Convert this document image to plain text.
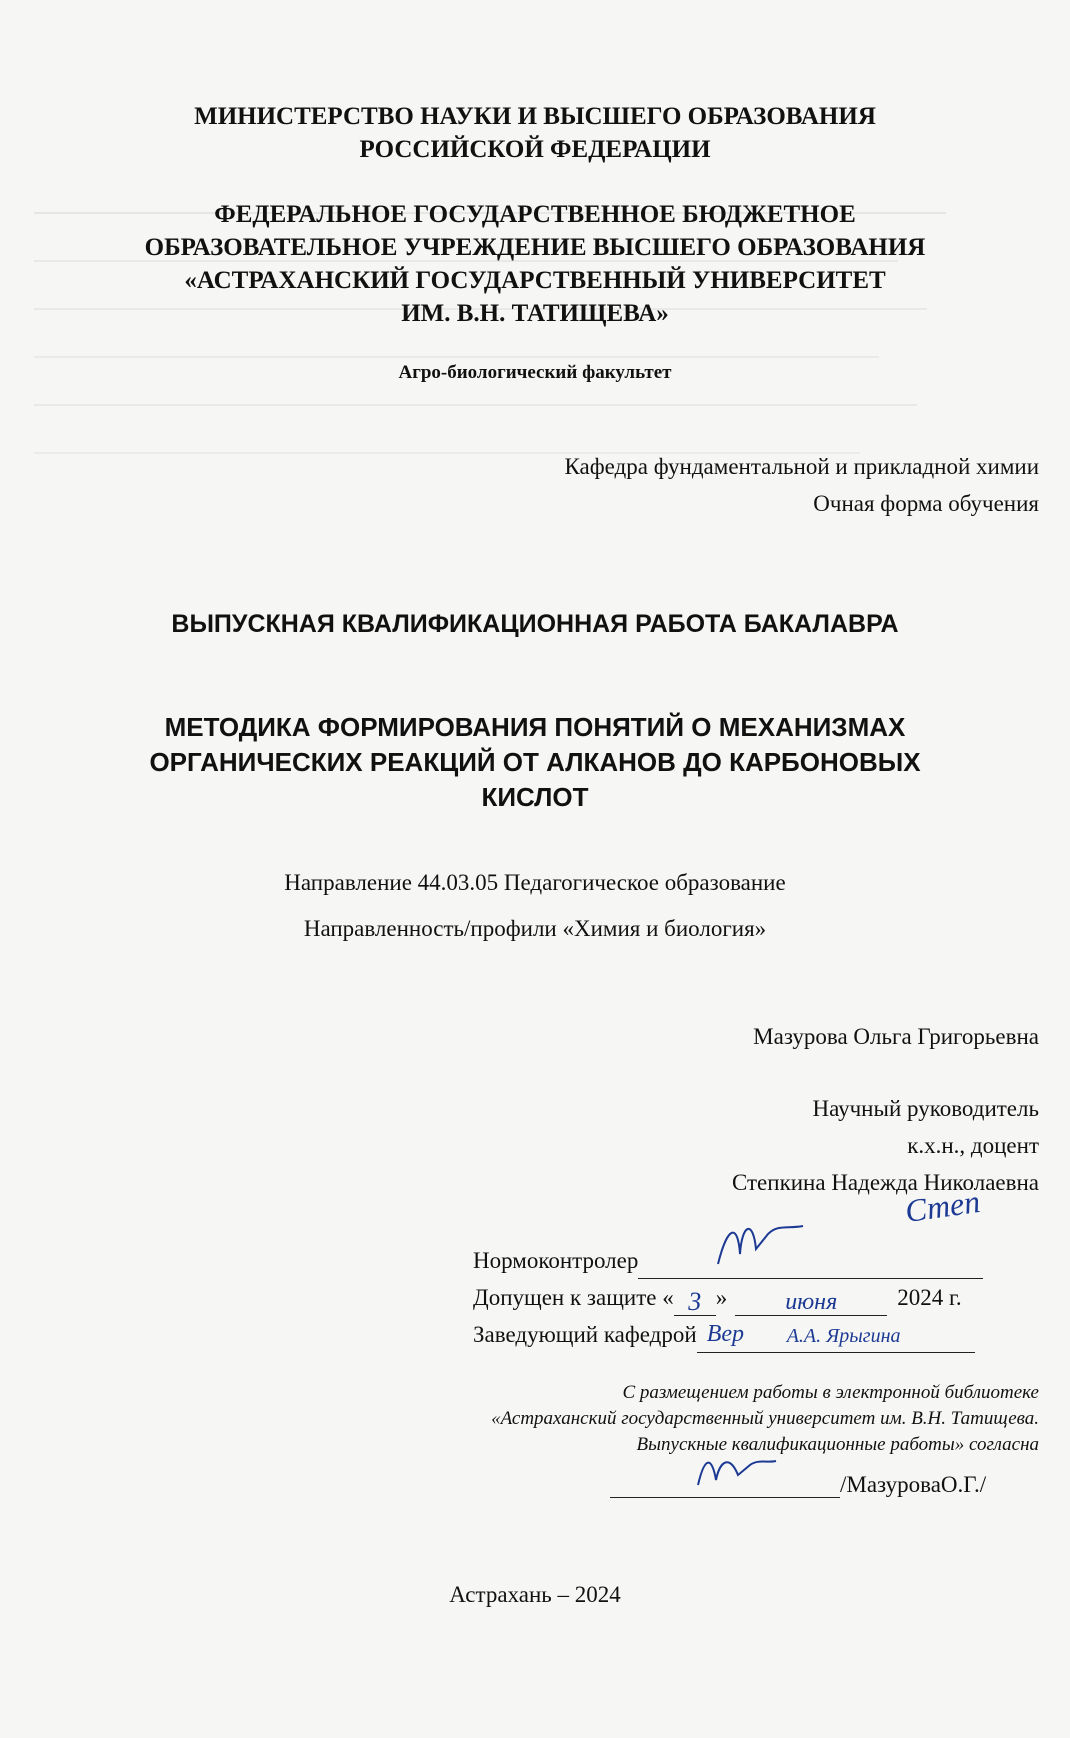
МИНИСТЕРСТВО НАУКИ И ВЫСШЕГО ОБРАЗОВАНИЯ
РОССИЙСКОЙ ФЕДЕРАЦИИ
ФЕДЕРАЛЬНОЕ ГОСУДАРСТВЕННОЕ БЮДЖЕТНОЕ
ОБРАЗОВАТЕЛЬНОЕ УЧРЕЖДЕНИЕ ВЫСШЕГО ОБРАЗОВАНИЯ
«АСТРАХАНСКИЙ ГОСУДАРСТВЕННЫЙ УНИВЕРСИТЕТ
ИМ. В.Н. ТАТИЩЕВА»
Агро-биологический факультет
Кафедра фундаментальной и прикладной химии
Очная форма обучения
ВЫПУСКНАЯ КВАЛИФИКАЦИОННАЯ РАБОТА БАКАЛАВРА
МЕТОДИКА ФОРМИРОВАНИЯ ПОНЯТИЙ О МЕХАНИЗМАХ
ОРГАНИЧЕСКИХ РЕАКЦИЙ ОТ АЛКАНОВ ДО КАРБОНОВЫХ
КИСЛОТ
Направление 44.03.05 Педагогическое образование
Направленность/профили «Химия и биология»
Мазурова Ольга Григорьевна
Научный руководитель
к.х.н., доцент
Степкина Надежда Николаевна
Степ
Нормоконтролер
Допущен к защите « 3 »	июня	2024 г.
Заведующий кафедрой Вер А.А. Ярыгина
С размещением работы в электронной библиотеке
«Астраханский государственный университет им. В.Н. Татищева.
Выпускные квалификационные работы» согласна
/МазуроваО.Г./
Астрахань – 2024
